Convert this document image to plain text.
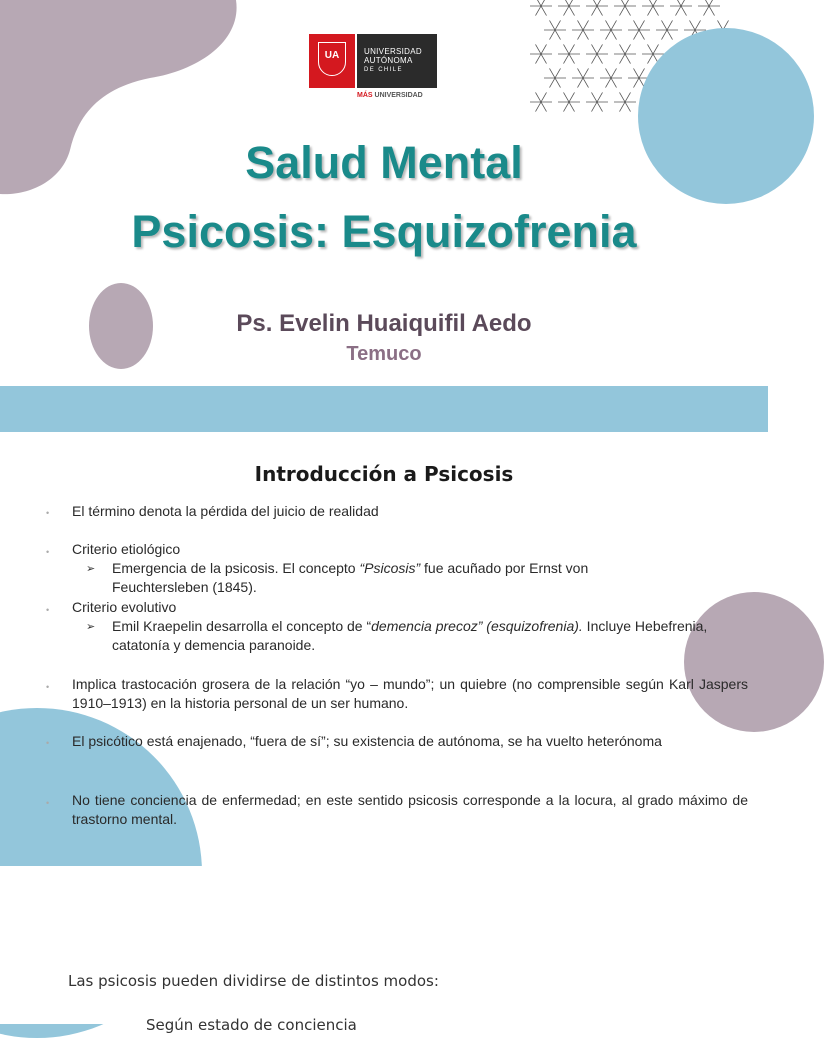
UA	UNIVERSIDAD
AUTÓNOMA
DE CHILE
MÁS UNIVERSIDAD
Salud Mental
Psicosis: Esquizofrenia
Ps. Evelin Huaiquifil Aedo
Temuco
Introducción a Psicosis
• El término denota la pérdida del juicio de realidad
• Criterio etiológico
➢ Emergencia de la psicosis. El concepto “Psicosis” fue acuñado por Ernst von Feuchtersleben (1845).
• Criterio evolutivo
➢ Emil Kraepelin desarrolla el concepto de “demencia precoz” (esquizofrenia). Incluye Hebefrenia, catatonía y demencia paranoide.
• Implica trastocación grosera de la relación “yo – mundo”; un quiebre (no comprensible según Karl Jaspers 1910–1913) en la historia personal de un ser humano.
• El psicótico está enajenado, “fuera de sí”; su existencia de autónoma, se ha vuelto heterónoma
• No tiene conciencia de enfermedad; en este sentido psicosis corresponde a la locura, al grado máximo de trastorno mental.
Las psicosis pueden dividirse de distintos modos:
Según estado de conciencia
